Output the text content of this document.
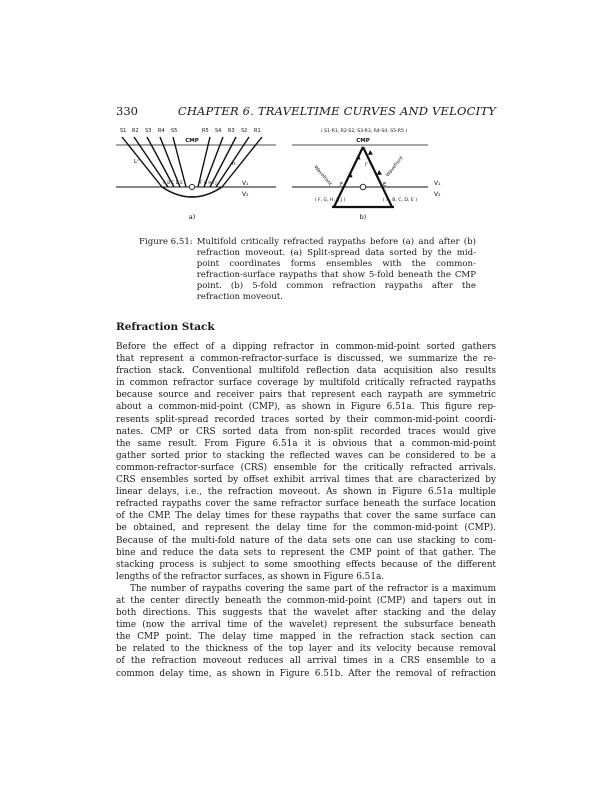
330	CHAPTER 6. TRAVELTIME CURVES AND VELOCITY
S1 R2 S3 R4 S5	R5 S4 R3 S2 R1
CMP
Lᶜ	h
A B C D E	F G H I J	V₁
V₂
a)
( S1-R1, R2-S2, S3-R3, R4-S4, S5-R5 )
CMP
Wavefront	Wavefront
iᶜ
F	E	V₁
( F, G, H, I, J )	( A, B, C, D, E )
V₂
b)
Figure 6.51: Multifold critically refracted raypaths before (a) and after (b) refraction moveout. (a) Split-spread data sorted by the mid-point coordinates forms ensembles with the common-refraction-surface raypaths that show 5-fold beneath the CMP point. (b) 5-fold common refraction raypaths after the refraction moveout.
Refraction Stack
Before the effect of a dipping refractor in common-mid-point sorted gathers
that represent a common-refractor-surface is discussed, we summarize the re-
fraction stack. Conventional multifold reflection data acquisition also results
in common refractor surface coverage by multifold critically refracted raypaths
because source and receiver pairs that represent each raypath are symmetric
about a common-mid-point (CMP), as shown in Figure 6.51a. This figure rep-
resents split-spread recorded traces sorted by their common-mid-point coordi-
nates. CMP or CRS sorted data from non-split recorded traces would give
the same result. From Figure 6.51a it is obvious that a common-mid-point
gather sorted prior to stacking the reflected waves can be considered to be a
common-refractor-surface (CRS) ensemble for the critically refracted arrivals.
CRS ensembles sorted by offset exhibit arrival times that are characterized by
linear delays, i.e., the refraction moveout. As shown in Figure 6.51a multiple
refracted raypaths cover the same refractor surface beneath the surface location
of the CMP. The delay times for these raypaths that cover the same surface can
be obtained, and represent the delay time for the common-mid-point (CMP).
Because of the multi-fold nature of the data sets one can use stacking to com-
bine and reduce the data sets to represent the CMP point of that gather. The
stacking process is subject to some smoothing effects because of the different
lengths of the refractor surfaces, as shown in Figure 6.51a.
The number of raypaths covering the same part of the refractor is a maximum
at the center directly beneath the common-mid-point (CMP) and tapers out in
both directions. This suggests that the wavelet after stacking and the delay
time (now the arrival time of the wavelet) represent the subsurface beneath
the CMP point. The delay time mapped in the refraction stack section can
be related to the thickness of the top layer and its velocity because removal
of the refraction moveout reduces all arrival times in a CRS ensemble to a
common delay time, as shown in Figure 6.51b. After the removal of refraction
